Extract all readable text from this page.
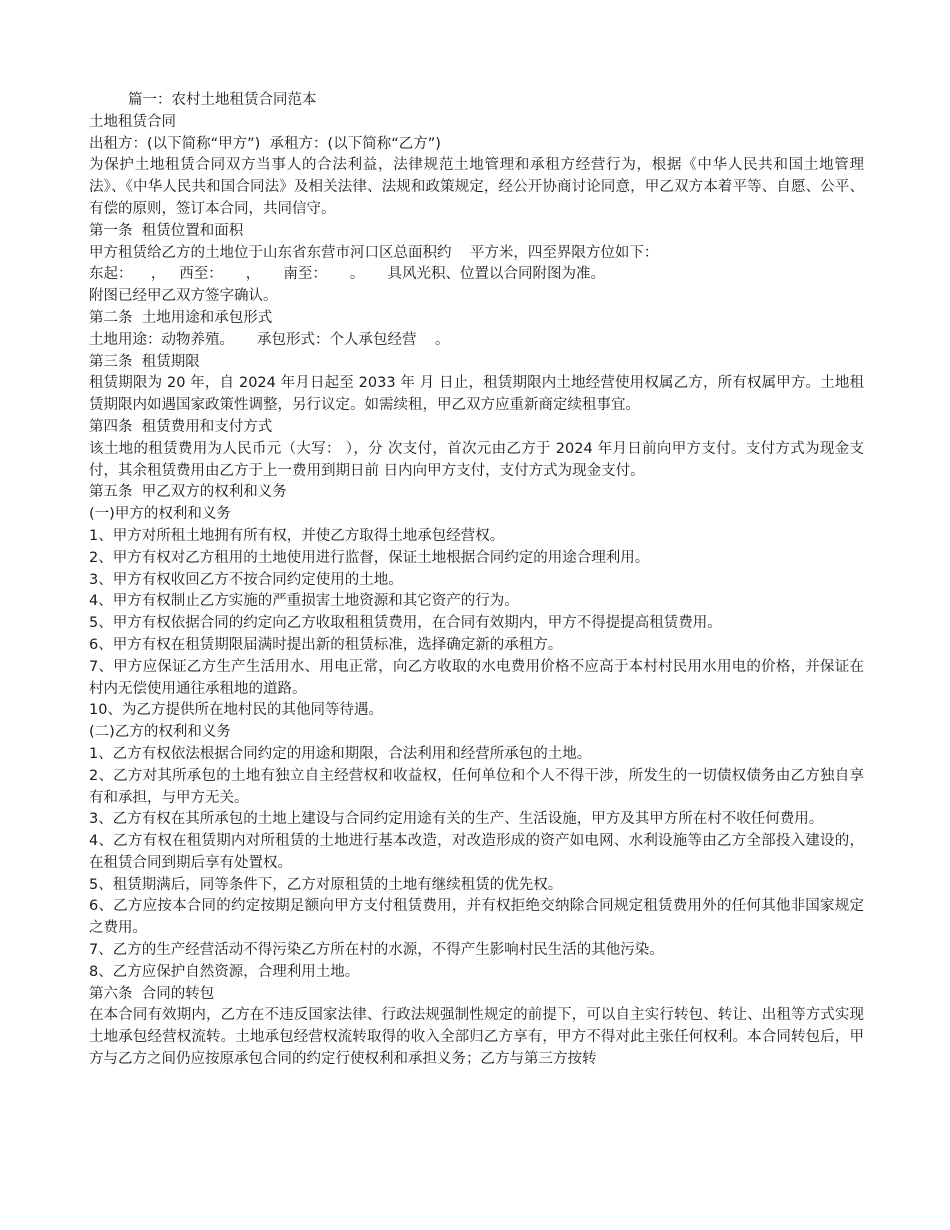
篇一：农村土地租赁合同范本

土地租赁合同

出租方：(以下简称“甲方”)  承租方：(以下简称“乙方”)

为保护土地租赁合同双方当事人的合法利益，法律规范土地管理和承租方经营行为，根据《中华人民共和国土地管理法》、《中华人民共和国合同法》及相关法律、法规和政策规定，经公开协商讨论同意，甲乙双方本着平等、自愿、公平、有偿的原则，签订本合同，共同信守。

第一条  租赁位置和面积

甲方租赁给乙方的土地位于山东省东营市河口区总面积约    平方米，四至界限方位如下：

东起：    ，   西至：     ，     南至：     。     具风光积、位置以合同附图为准。

附图已经甲乙双方签字确认。

第二条  土地用途和承包形式

土地用途：动物养殖。     承包形式：个人承包经营    。

第三条  租赁期限

租赁期限为 20 年，自 2024 年月日起至 2033 年 月 日止，租赁期限内土地经营使用权属乙方，所有权属甲方。土地租赁期限内如遇国家政策性调整，另行议定。如需续租，甲乙双方应重新商定续租事宜。

第四条  租赁费用和支付方式

该土地的租赁费用为人民币元（大写： ），分 次支付，首次元由乙方于 2024 年月日前向甲方支付。支付方式为现金支付，其余租赁费用由乙方于上一费用到期日前 日内向甲方支付，支付方式为现金支付。

第五条  甲乙双方的权利和义务

(一)甲方的权利和义务

1、甲方对所租土地拥有所有权，并使乙方取得土地承包经营权。

2、甲方有权对乙方租用的土地使用进行监督，保证土地根据合同约定的用途合理利用。

3、甲方有权收回乙方不按合同约定使用的土地。

4、甲方有权制止乙方实施的严重损害土地资源和其它资产的行为。

5、甲方有权依据合同的约定向乙方收取租租赁费用，在合同有效期内，甲方不得提提高租赁费用。

6、甲方有权在租赁期限届满时提出新的租赁标准，选择确定新的承租方。

7、甲方应保证乙方生产生活用水、用电正常，向乙方收取的水电费用价格不应高于本村村民用水用电的价格，并保证在村内无偿使用通往承租地的道路。

10、为乙方提供所在地村民的其他同等待遇。

(二)乙方的权利和义务

1、乙方有权依法根据合同约定的用途和期限，合法利用和经营所承包的土地。

2、乙方对其所承包的土地有独立自主经营权和收益权，任何单位和个人不得干涉，所发生的一切债权债务由乙方独自享有和承担，与甲方无关。

3、乙方有权在其所承包的土地上建设与合同约定用途有关的生产、生活设施，甲方及其甲方所在村不收任何费用。

4、乙方有权在租赁期内对所租赁的土地进行基本改造，对改造形成的资产如电网、水利设施等由乙方全部投入建设的，在租赁合同到期后享有处置权。

5、租赁期满后，同等条件下，乙方对原租赁的土地有继续租赁的优先权。

6、乙方应按本合同的约定按期足额向甲方支付租赁费用，并有权拒绝交纳除合同规定租赁费用外的任何其他非国家规定之费用。

7、乙方的生产经营活动不得污染乙方所在村的水源，不得产生影响村民生活的其他污染。

8、乙方应保护自然资源，合理利用土地。

第六条  合同的转包

在本合同有效期内，乙方在不违反国家法律、行政法规强制性规定的前提下，可以自主实行转包、转让、出租等方式实现土地承包经营权流转。土地承包经营权流转取得的收入全部归乙方享有，甲方不得对此主张任何权利。本合同转包后，甲方与乙方之间仍应按原承包合同的约定行使权利和承担义务；乙方与第三方按转
